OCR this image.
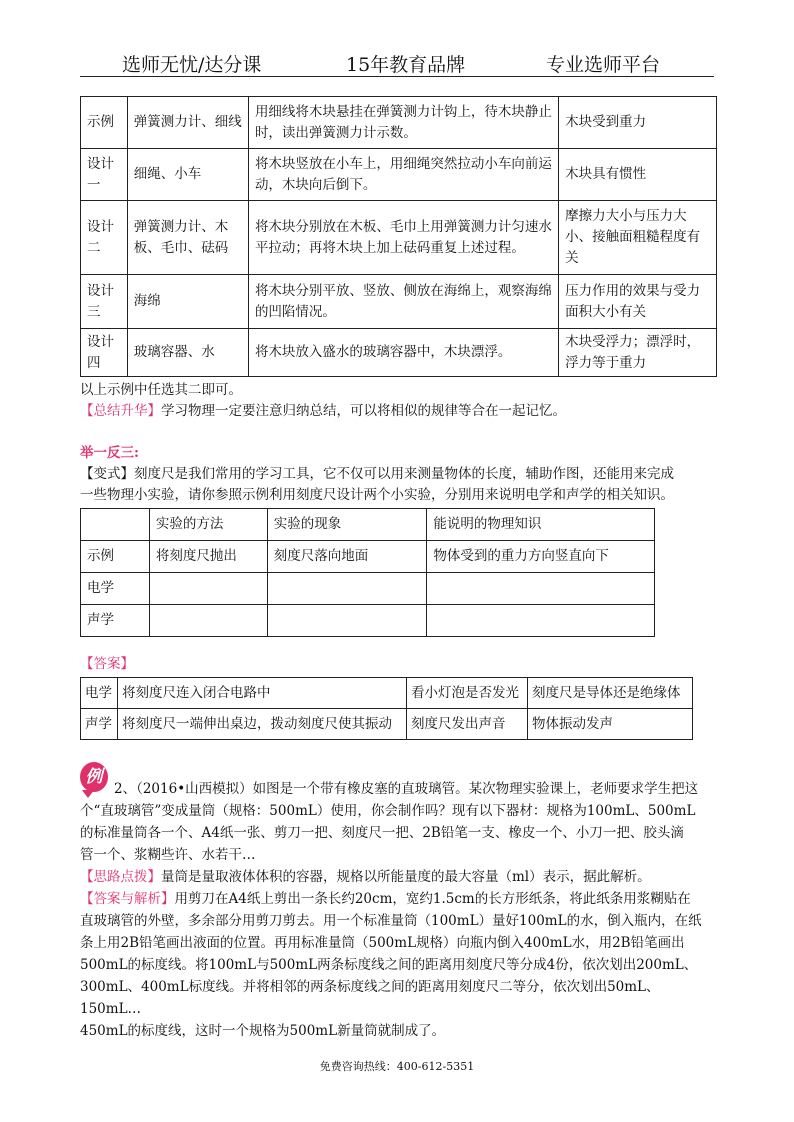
选师无忧/达分课	15年教育品牌	专业选师平台
示例	弹簧测力计、细线	用细线将木块悬挂在弹簧测力计钩上，待木块静止时，读出弹簧测力计示数。	木块受到重力
设计一	细绳、小车	将木块竖放在小车上，用细绳突然拉动小车向前运动，木块向后倒下。	木块具有惯性
设计二	弹簧测力计、木板、毛巾、砝码	将木块分别放在木板、毛巾上用弹簧测力计匀速水平拉动；再将木块上加上砝码重复上述过程。	摩擦力大小与压力大小、接触面粗糙程度有关
设计三	海绵	将木块分别平放、竖放、侧放在海绵上，观察海绵的凹陷情况。	压力作用的效果与受力面积大小有关
设计四	玻璃容器、水	将木块放入盛水的玻璃容器中，木块漂浮。	木块受浮力；漂浮时，浮力等于重力
以上示例中任选其二即可。
【总结升华】学习物理一定要注意归纳总结，可以将相似的规律等合在一起记忆。
举一反三:
【变式】刻度尺是我们常用的学习工具，它不仅可以用来测量物体的长度，辅助作图，还能用来完成
一些物理小实验，请你参照示例利用刻度尺设计两个小实验，分别用来说明电学和声学的相关知识。
	实验的方法	实验的现象	能说明的物理知识
示例	将刻度尺抛出	刻度尺落向地面	物体受到的重力方向竖直向下
电学			
声学			
【答案】
电学	将刻度尺连入闭合电路中	看小灯泡是否发光	刻度尺是导体还是绝缘体
声学	将刻度尺一端伸出桌边，拨动刻度尺使其振动	刻度尺发出声音	物体振动发声
例
2、（2016•山西模拟）如图是一个带有橡皮塞的直玻璃管。某次物理实验课上，老师要求学生把这
个“直玻璃管”变成量筒（规格：500mL）使用，你会制作吗？现有以下器材：规格为100mL、500mL
的标准量筒各一个、A4纸一张、剪刀一把、刻度尺一把、2B铅笔一支、橡皮一个、小刀一把、胶头滴
管一个、浆糊些许、水若干…
【思路点拨】量筒是量取液体体积的容器，规格以所能量度的最大容量（ml）表示，据此解析。
【答案与解析】用剪刀在A4纸上剪出一条长约20cm，宽约1.5cm的长方形纸条，将此纸条用浆糊贴在
直玻璃管的外壁，多余部分用剪刀剪去。用一个标准量筒（100mL）量好100mL的水，倒入瓶内，在纸
条上用2B铅笔画出液面的位置。再用标准量筒（500mL规格）向瓶内倒入400mL水，用2B铅笔画出
500mL的标度线。将100mL与500mL两条标度线之间的距离用刻度尺等分成4份，依次划出200mL、
300mL、400mL标度线。并将相邻的两条标度线之间的距离用刻度尺二等分，依次划出50mL、150mL…
450mL的标度线，这时一个规格为500mL新量筒就制成了。
免费咨询热线：400-612-5351
